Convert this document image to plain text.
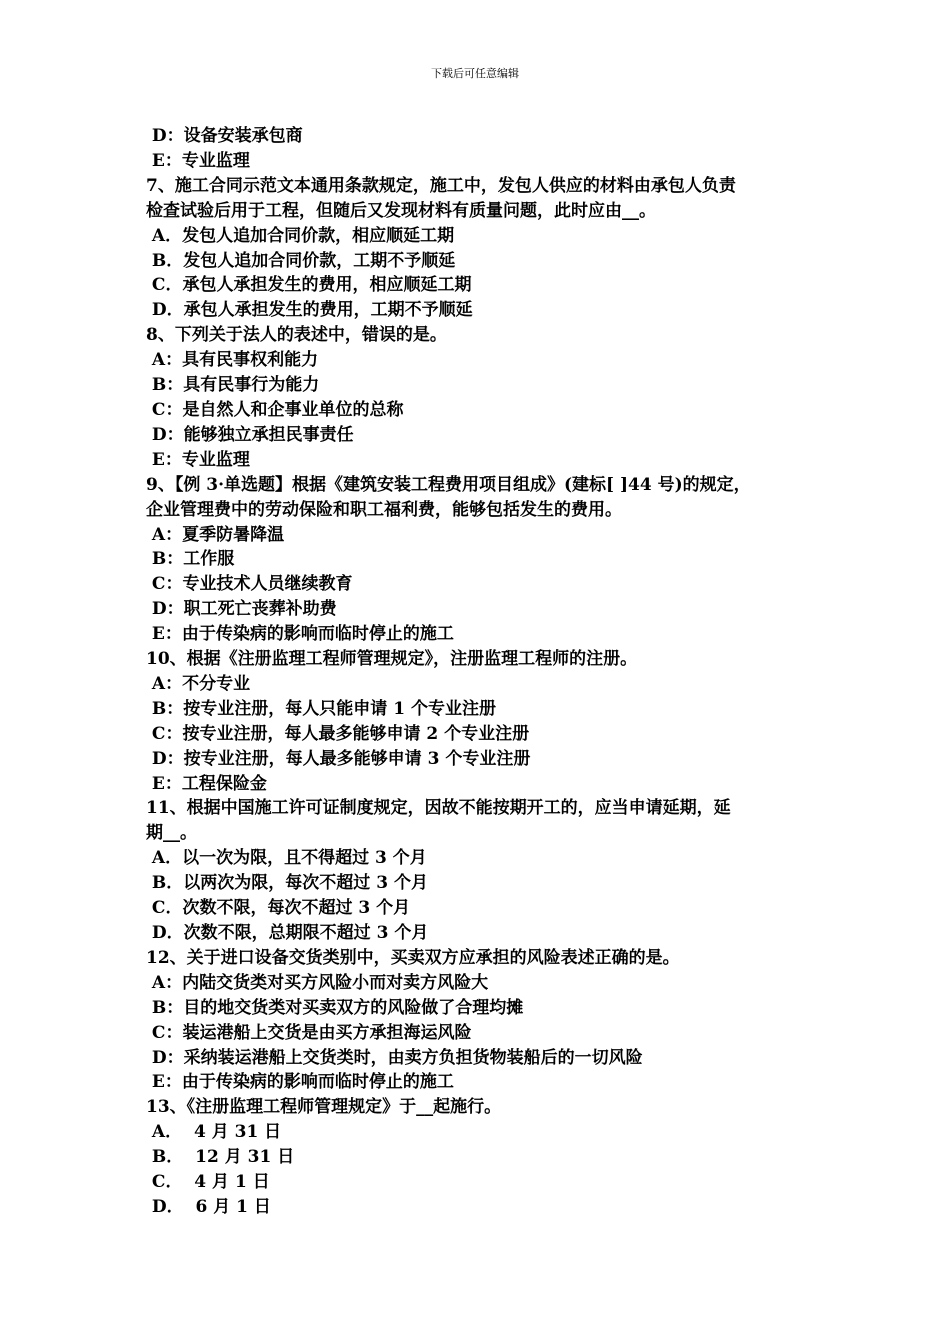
下载后可任意编辑
D：设备安装承包商
E：专业监理
7、施工合同示范文本通用条款规定，施工中，发包人供应的材料由承包人负责
检查试验后用于工程，但随后又发现材料有质量问题，此时应由__。
A．发包人追加合同价款，相应顺延工期
B．发包人追加合同价款，工期不予顺延
C．承包人承担发生的费用，相应顺延工期
D．承包人承担发生的费用，工期不予顺延
8、下列关于法人的表述中，错误的是。
A：具有民事权利能力
B：具有民事行为能力
C：是自然人和企事业单位的总称
D：能够独立承担民事责任
E：专业监理
9、【例 3·单选题】根据《建筑安装工程费用项目组成》(建标[ ]44 号)的规定，
企业管理费中的劳动保险和职工福利费，能够包括发生的费用。
A：夏季防暑降温
B：工作服
C：专业技术人员继续教育
D：职工死亡丧葬补助费
E：由于传染病的影响而临时停止的施工
10、根据《注册监理工程师管理规定》，注册监理工程师的注册。
A：不分专业
B：按专业注册，每人只能申请 1 个专业注册
C：按专业注册，每人最多能够申请 2 个专业注册
D：按专业注册，每人最多能够申请 3 个专业注册
E：工程保险金
11、根据中国施工许可证制度规定，因故不能按期开工的，应当申请延期，延
期__。
A．以一次为限，且不得超过 3 个月
B．以两次为限，每次不超过 3 个月
C．次数不限，每次不超过 3 个月
D．次数不限，总期限不超过 3 个月
12、关于进口设备交货类别中，买卖双方应承担的风险表述正确的是。
A：内陆交货类对买方风险小而对卖方风险大
B：目的地交货类对买卖双方的风险做了合理均摊
C：装运港船上交货是由买方承担海运风险
D：采纳装运港船上交货类时，由卖方负担货物装船后的一切风险
E：由于传染病的影响而临时停止的施工
13、《注册监理工程师管理规定》于__起施行。
A．  4 月 31 日
B．  12 月 31 日
C．  4 月 1 日
D．  6 月 1 日
